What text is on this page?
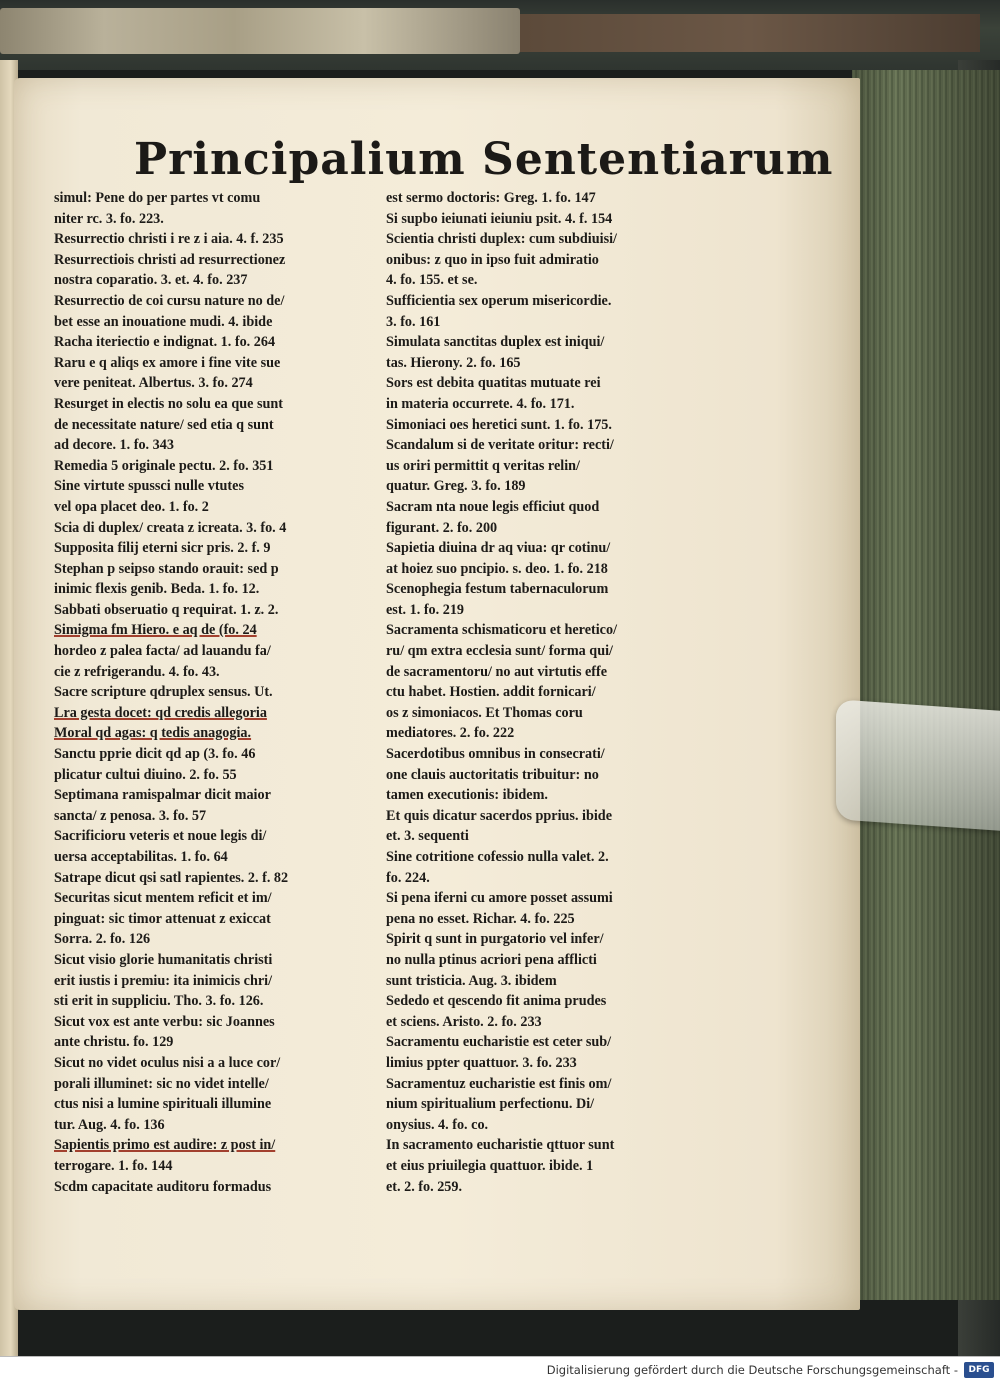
Principalium Sententiarum
simul: Pene do per partes vt comu
niter rc. 3. fo. 223.
Resurrectio christi i re z i aia. 4. f. 235
Resurrectiois christi ad resurrectionez
nostra coparatio. 3. et. 4. fo. 237
Resurrectio de coi cursu nature no de/
bet esse an inouatione mudi. 4. ibide
Racha iteriectio e indignat. 1. fo. 264
Raru e q aliqs ex amore i fine vite sue
vere peniteat. Albertus. 3. fo. 274
Resurget in electis no solu ea que sunt
de necessitate nature/ sed etia q sunt
ad decore. 1. fo. 343
Remedia 5 originale pectu. 2. fo. 351
Sine virtute spussci nulle vtutes
vel opa placet deo. 1. fo. 2
Scia di duplex/ creata z icreata. 3. fo. 4
Supposita filij eterni sicr pris. 2. f. 9
Stephan p seipso stando orauit: sed p
inimic flexis genib. Beda. 1. fo. 12.
Sabbati obseruatio q requirat. 1. z. 2.
Simigma fm Hiero. e aq de (fo. 24
hordeo z palea facta/ ad lauandu fa/
cie z refrigerandu. 4. fo. 43.
Sacre scripture qdruplex sensus. Ut.
Lra gesta docet: qd credis allegoria
Moral qd agas: q tedis anagogia.
Sanctu pprie dicit qd ap (3. fo. 46
plicatur cultui diuino. 2. fo. 55
Septimana ramispalmar dicit maior
sancta/ z penosa. 3. fo. 57
Sacrificioru veteris et noue legis di/
uersa acceptabilitas. 1. fo. 64
Satrape dicut qsi satl rapientes. 2. f. 82
Securitas sicut mentem reficit et im/
pinguat: sic timor attenuat z exiccat
Sorra. 2. fo. 126
Sicut visio glorie humanitatis christi
erit iustis i premiu: ita inimicis chri/
sti erit in suppliciu. Tho. 3. fo. 126.
Sicut vox est ante verbu: sic Joannes
ante christu. fo. 129
Sicut no videt oculus nisi a a luce cor/
porali illuminet: sic no videt intelle/
ctus nisi a lumine spirituali illumine
tur. Aug. 4. fo. 136
Sapientis primo est audire: z post in/
terrogare. 1. fo. 144
Scdm capacitate auditoru formadus
est sermo doctoris: Greg. 1. fo. 147
Si supbo ieiunati ieiuniu psit. 4. f. 154
Scientia christi duplex: cum subdiuisi/
onibus: z quo in ipso fuit admiratio
4. fo. 155. et se.
Sufficientia sex operum misericordie.
3. fo. 161
Simulata sanctitas duplex est iniqui/
tas. Hierony. 2. fo. 165
Sors est debita quatitas mutuate rei
in materia occurrete. 4. fo. 171.
Simoniaci oes heretici sunt. 1. fo. 175.
Scandalum si de veritate oritur: recti/
us oriri permittit q veritas relin/
quatur. Greg. 3. fo. 189
Sacram nta noue legis efficiut quod
figurant. 2. fo. 200
Sapietia diuina dr aq viua: qr cotinu/
at hoiez suo pncipio. s. deo. 1. fo. 218
Scenophegia festum tabernaculorum
est. 1. fo. 219
Sacramenta schismaticoru et heretico/
ru/ qm extra ecclesia sunt/ forma qui/
de sacramentoru/ no aut virtutis effe
ctu habet. Hostien. addit fornicari/
os z simoniacos. Et Thomas coru
mediatores. 2. fo. 222
Sacerdotibus omnibus in consecrati/
one clauis auctoritatis tribuitur: no
tamen executionis: ibidem.
Et quis dicatur sacerdos pprius. ibide
et. 3. sequenti
Sine cotritione cofessio nulla valet. 2.
fo. 224.
Si pena iferni cu amore posset assumi
pena no esset. Richar. 4. fo. 225
Spirit q sunt in purgatorio vel infer/
no nulla ptinus acriori pena afflicti
sunt tristicia. Aug. 3. ibidem
Sededo et qescendo fit anima prudes
et sciens. Aristo. 2. fo. 233
Sacramentu eucharistie est ceter sub/
limius ppter quattuor. 3. fo. 233
Sacramentuz eucharistie est finis om/
nium spiritualium perfectionu. Di/
onysius. 4. fo. co.
In sacramento eucharistie qttuor sunt
et eius priuilegia quattuor. ibide. 1
et. 2. fo. 259.
Digitalisierung gefördert durch die Deutsche Forschungsgemeinschaft -	DFG
